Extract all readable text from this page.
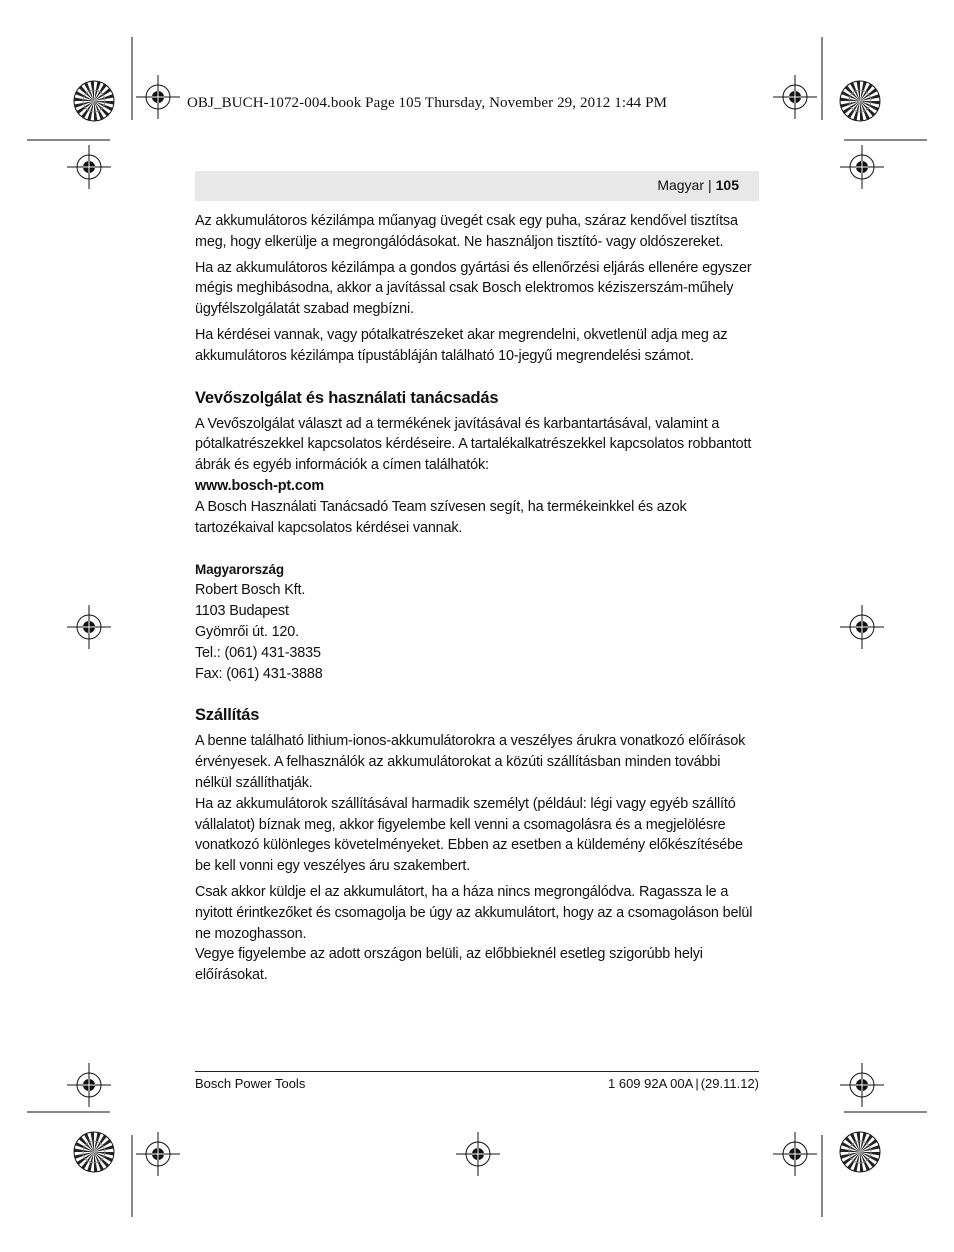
OBJ_BUCH-1072-004.book Page 105 Thursday, November 29, 2012 1:44 PM
Magyar | 105

Az akkumulátoros kézilámpa műanyag üvegét csak egy puha, száraz kendővel tisztítsa meg, hogy elkerülje a megrongálódásokat. Ne használjon tisztító- vagy oldószereket.

Ha az akkumulátoros kézilámpa a gondos gyártási és ellenőrzési eljárás ellenére egyszer mégis meghibásodna, akkor a javítással csak Bosch elektromos kéziszerszám-műhely ügyfélszolgálatát szabad megbízni.

Ha kérdései vannak, vagy pótalkatrészeket akar megrendelni, okvetlenül adja meg az akkumulátoros kézilámpa típustábláján található 10-jegyű megrendelési számot.

Vevőszolgálat és használati tanácsadás

A Vevőszolgálat választ ad a termékének javításával és karbantartásával, valamint a pótalkatrészekkel kapcsolatos kérdéseire. A tartalékalkatrészekkel kapcsolatos robbantott ábrák és egyéb információk a címen találhatók:

www.bosch-pt.com

A Bosch Használati Tanácsadó Team szívesen segít, ha termékeinkkel és azok tartozékaival kapcsolatos kérdései vannak.

Magyarország
Robert Bosch Kft.
1103 Budapest
Gyömrői út. 120.
Tel.: (061) 431-3835
Fax: (061) 431-3888
Szállítás

A benne található lithium-ionos-akkumulátorokra a veszélyes árukra vonatkozó előírások érvényesek. A felhasználók az akkumulátorokat a közúti szállításban minden további nélkül szállíthatják.

Ha az akkumulátorok szállításával harmadik személyt (például: légi vagy egyéb szállító vállalatot) bíznak meg, akkor figyelembe kell venni a csomagolásra és a megjelölésre vonatkozó különleges követelményeket. Ebben az esetben a küldemény előkészítésébe be kell vonni egy veszélyes áru szakembert.

Csak akkor küldje el az akkumulátort, ha a háza nincs megrongálódva. Ragassza le a nyitott érintkezőket és csomagolja be úgy az akkumulátort, hogy az a csomagoláson belül ne mozoghasson.

Vegye figyelembe az adott országon belüli, az előbbieknél esetleg szigorúbb helyi előírásokat.

Bosch Power Tools	1 609 92A 00A | (29.11.12)
